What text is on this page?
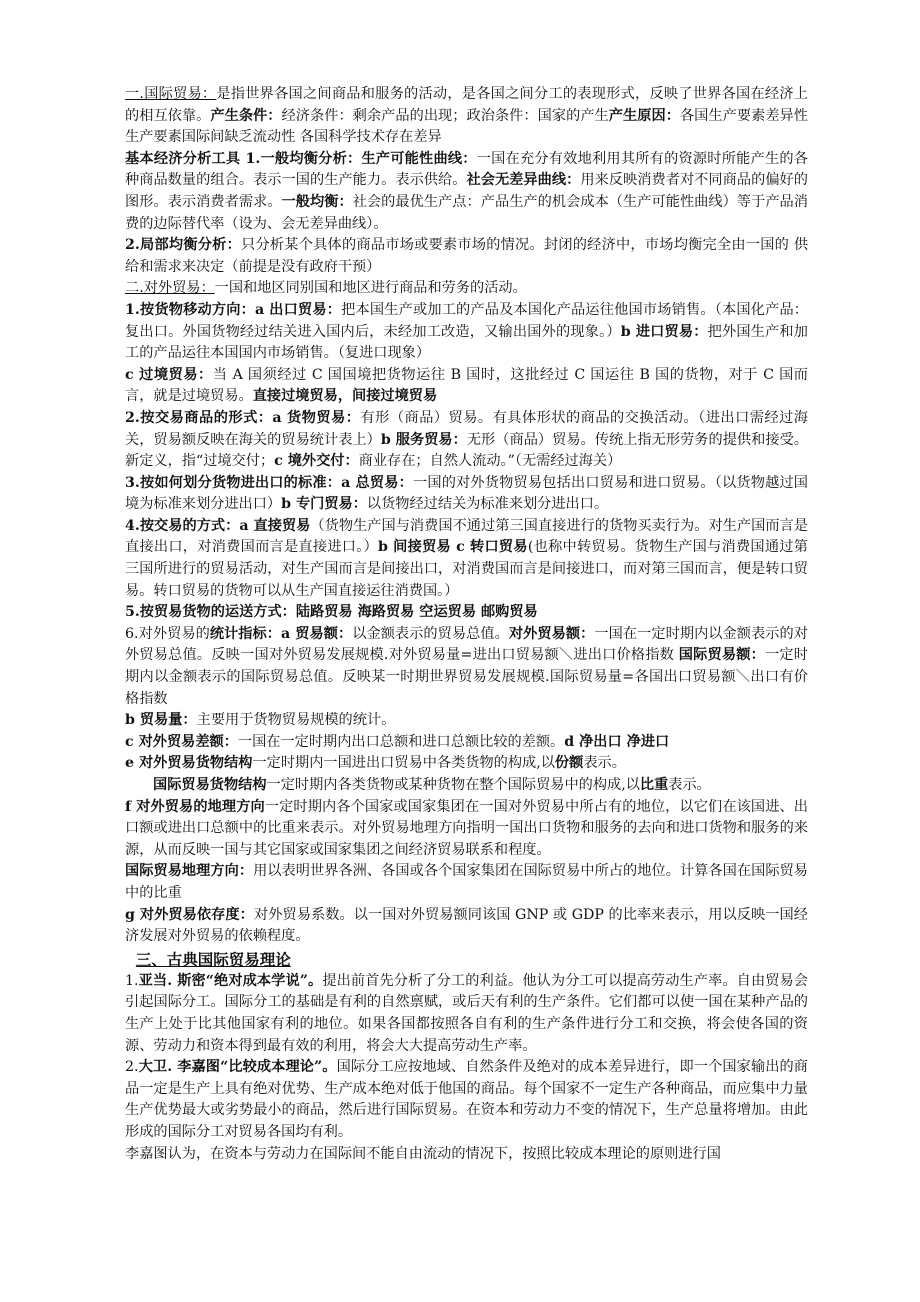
一.国际贸易：是指世界各国之间商品和服务的活动，是各国之间分工的表现形式，反映了世界各国在经济上的相互依靠。产生条件：经济条件：剩余产品的出现；政治条件：国家的产生产生原因：各国生产要素差异性 生产要素国际间缺乏流动性 各国科学技术存在差异

基本经济分析工具 1.一般均衡分析：生产可能性曲线：一国在充分有效地利用其所有的资源时所能产生的各种商品数量的组合。表示一国的生产能力。表示供给。社会无差异曲线：用来反映消费者对不同商品的偏好的图形。表示消费者需求。一般均衡：社会的最优生产点：产品生产的机会成本（生产可能性曲线）等于产品消费的边际替代率（设为、会无差异曲线）。

2.局部均衡分析：只分析某个具体的商品市场或要素市场的情况。封闭的经济中，市场均衡完全由一国的 供给和需求来决定（前提是没有政府干预）

二.对外贸易：一国和地区同别国和地区进行商品和劳务的活动。

1.按货物移动方向：a 出口贸易：把本国生产或加工的产品及本国化产品运往他国市场销售。（本国化产品：复出口。外国货物经过结关进入国内后，未经加工改造，又输出国外的现象。）b 进口贸易：把外国生产和加工的产品运往本国国内市场销售。（复进口现象）

c 过境贸易：当 A 国须经过 C 国国境把货物运往 B 国时，这批经过 C 国运往 B 国的货物，对于 C 国而言，就是过境贸易。直接过境贸易，间接过境贸易

2.按交易商品的形式：a 货物贸易：有形（商品）贸易。有具体形状的商品的交换活动。（进出口需经过海关，贸易额反映在海关的贸易统计表上）b 服务贸易：无形（商品）贸易。传统上指无形劳务的提供和接受。新定义，指“过境交付；c 境外交付：商业存在；自然人流动。”（无需经过海关）

3.按如何划分货物进出口的标准：a 总贸易：一国的对外货物贸易包括出口贸易和进口贸易。（以货物越过国境为标准来划分进出口）b 专门贸易：以货物经过结关为标准来划分进出口。

4.按交易的方式：a 直接贸易（货物生产国与消费国不通过第三国直接进行的货物买卖行为。对生产国而言是直接出口，对消费国而言是直接进口。）b 间接贸易 c 转口贸易(也称中转贸易。货物生产国与消费国通过第三国所进行的贸易活动，对生产国而言是间接出口，对消费国而言是间接进口，而对第三国而言，便是转口贸易。转口贸易的货物可以从生产国直接运往消费国。）

5.按贸易货物的运送方式：陆路贸易 海路贸易 空运贸易 邮购贸易

6.对外贸易的统计指标：a 贸易额：以金额表示的贸易总值。对外贸易额：一国在一定时期内以金额表示的对外贸易总值。反映一国对外贸易发展规模.对外贸易量=进出口贸易额＼进出口价格指数 国际贸易额：一定时期内以金额表示的国际贸易总值。反映某一时期世界贸易发展规模.国际贸易量=各国出口贸易额＼出口有价格指数

b 贸易量：主要用于货物贸易规模的统计。

c 对外贸易差额：一国在一定时期内出口总额和进口总额比较的差额。d 净出口 净进口

e 对外贸易货物结构一定时期内一国进出口贸易中各类货物的构成,以份额表示。

国际贸易货物结构一定时期内各类货物或某种货物在整个国际贸易中的构成,以比重表示。

f 对外贸易的地理方向一定时期内各个国家或国家集团在一国对外贸易中所占有的地位，以它们在该国进、出口额或进出口总额中的比重来表示。对外贸易地理方向指明一国出口货物和服务的去向和进口货物和服务的来源，从而反映一国与其它国家或国家集团之间经济贸易联系和程度。

国际贸易地理方向：用以表明世界各洲、各国或各个国家集团在国际贸易中所占的地位。计算各国在国际贸易中的比重

g 对外贸易依存度：对外贸易系数。以一国对外贸易额同该国 GNP 或 GDP 的比率来表示，用以反映一国经济发展对外贸易的依赖程度。

三、古典国际贸易理论

1.亚当. 斯密“绝对成本学说”。提出前首先分析了分工的利益。他认为分工可以提高劳动生产率。自由贸易会引起国际分工。国际分工的基础是有利的自然禀赋，或后天有利的生产条件。它们都可以使一国在某种产品的生产上处于比其他国家有利的地位。如果各国都按照各自有利的生产条件进行分工和交换，将会使各国的资源、劳动力和资本得到最有效的利用，将会大大提高劳动生产率。

2.大卫. 李嘉图“比较成本理论”。国际分工应按地域、自然条件及绝对的成本差异进行，即一个国家输出的商品一定是生产上具有绝对优势、生产成本绝对低于他国的商品。每个国家不一定生产各种商品，而应集中力量生产优势最大或劣势最小的商品，然后进行国际贸易。在资本和劳动力不变的情况下，生产总量将增加。由此形成的国际分工对贸易各国均有利。

李嘉图认为，在资本与劳动力在国际间不能自由流动的情况下，按照比较成本理论的原则进行国
